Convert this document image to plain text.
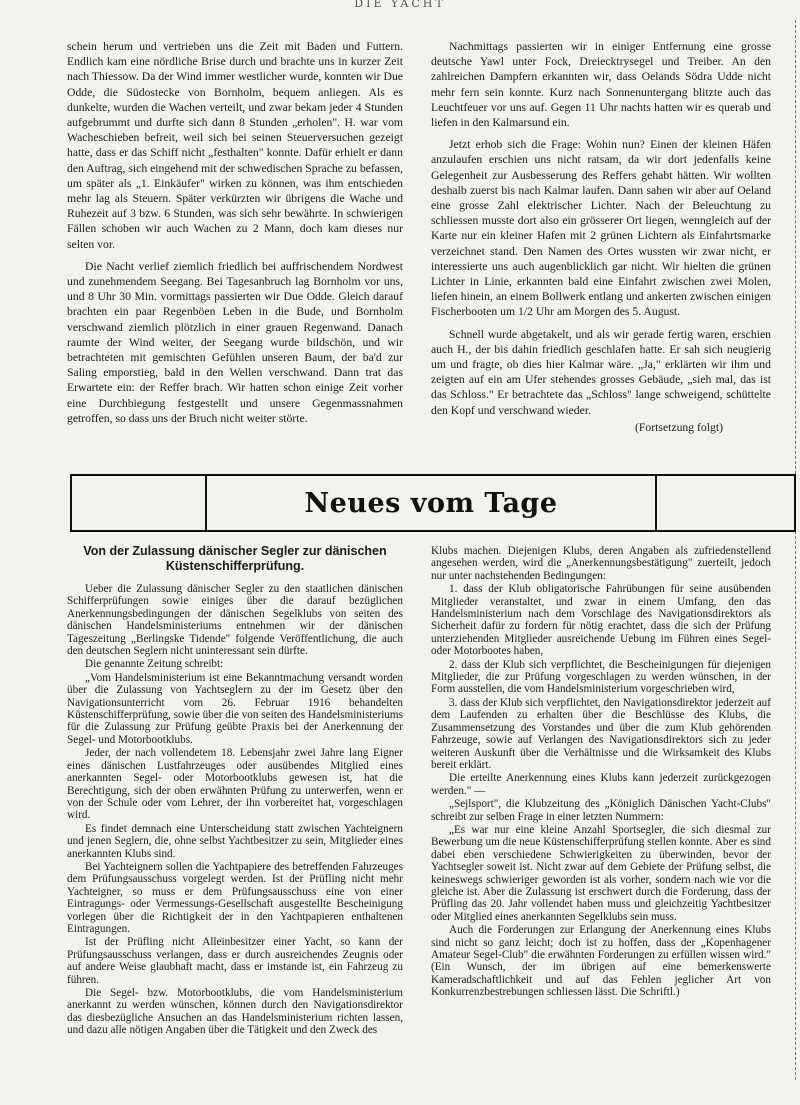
DIE YACHT

schein herum und vertrieben uns die Zeit mit Baden und Futtern. Endlich kam eine nördliche Brise durch und brachte uns in kurzer Zeit nach Thiessow. Da der Wind immer westlicher wurde, konnten wir Due Odde, die Südostecke von Bornholm, bequem anliegen. Als es dunkelte, wurden die Wachen verteilt, und zwar bekam jeder 4 Stunden aufgebrummt und durfte sich dann 8 Stunden „erholen". H. war vom Wacheschieben befreit, weil sich bei seinen Steuerversuchen gezeigt hatte, dass er das Schiff nicht „festhalten" konnte. Dafür erhielt er dann den Auftrag, sich eingehend mit der schwedischen Sprache zu befassen, um später als „1. Einkäufer" wirken zu können, was ihm entschieden mehr lag als Steuern. Später verkürzten wir übrigens die Wache und Ruhezeit auf 3 bzw. 6 Stunden, was sich sehr bewährte. In schwierigen Fällen schoben wir auch Wachen zu 2 Mann, doch kam dieses nur selten vor.

Die Nacht verlief ziemlich friedlich bei auffrischendem Nordwest und zunehmendem Seegang. Bei Tagesanbruch lag Bornholm vor uns, und 8 Uhr 30 Min. vormittags passierten wir Due Odde. Gleich darauf brachten ein paar Regenböen Leben in die Bude, und Bornholm verschwand ziemlich plötzlich in einer grauen Regenwand. Danach raumte der Wind weiter, der Seegang wurde bildschön, und wir betrachteten mit gemischten Gefühlen unseren Baum, der ba'd zur Saling emporstieg, bald in den Wellen verschwand. Dann trat das Erwartete ein: der Reffer brach. Wir hatten schon einige Zeit vorher eine Durchbiegung festgestellt und unsere Gegenmassnahmen getroffen, so dass uns der Bruch nicht weiter störte.

Nachmittags passierten wir in einiger Entfernung eine grosse deutsche Yawl unter Fock, Dreiecktrysegel und Treiber. An den zahlreichen Dampfern erkannten wir, dass Oelands Södra Udde nicht mehr fern sein konnte. Kurz nach Sonnenuntergang blitzte auch das Leuchtfeuer vor uns auf. Gegen 11 Uhr nachts hatten wir es querab und liefen in den Kalmarsund ein.

Jetzt erhob sich die Frage: Wohin nun? Einen der kleinen Häfen anzulaufen erschien uns nicht ratsam, da wir dort jedenfalls keine Gelegenheit zur Ausbesserung des Reffers gehabt hätten. Wir wollten deshalb zuerst bis nach Kalmar laufen. Dann sahen wir aber auf Oeland eine grosse Zahl elektrischer Lichter. Nach der Beleuchtung zu schliessen musste dort also ein grösserer Ort liegen, wenngleich auf der Karte nur ein kleiner Hafen mit 2 grünen Lichtern als Einfahrtsmarke verzeichnet stand. Den Namen des Ortes wussten wir zwar nicht, er interessierte uns auch augenblicklich gar nicht. Wir hielten die grünen Lichter in Linie, erkannten bald eine Einfahrt zwischen zwei Molen, liefen hinein, an einem Bollwerk entlang und ankerten zwischen einigen Fischerbooten um 1/2 Uhr am Morgen des 5. August.

Schnell wurde abgetakelt, und als wir gerade fertig waren, erschien auch H., der bis dahin friedlich geschlafen hatte. Er sah sich neugierig um und fragte, ob dies hier Kalmar wäre. „Ja," erklärten wir ihm und zeigten auf ein am Ufer stehendes grosses Gebäude, „sieh mal, das ist das Schloss." Er betrachtete das „Schloss" lange schweigend, schüttelte den Kopf und verschwand wieder.

(Fortsetzung folgt)
Neues vom Tage
Von der Zulassung dänischer Segler zur dänischen
Küstenschifferprüfung.

Ueber die Zulassung dänischer Segler zu den staatlichen dänischen Schifferprüfungen sowie einiges über die darauf bezüglichen Anerkennungsbedingungen der dänischen Segelklubs von seiten des dänischen Handelsministeriums entnehmen wir der dänischen Tageszeitung „Berlingske Tidende" folgende Veröffentlichung, die auch den deutschen Seglern nicht uninteressant sein dürfte.

Die genannte Zeitung schreibt:

„Vom Handelsministerium ist eine Bekanntmachung versandt worden über die Zulassung von Yachtseglern zu der im Gesetz über den Navigationsunterricht vom 26. Februar 1916 behandelten Küstenschifferprüfung, sowie über die von seiten des Handelsministeriums für die Zulassung zur Prüfung geübte Praxis bei der Anerkennung der Segel- und Motorbootklubs.

Jeder, der nach vollendetem 18. Lebensjahr zwei Jahre lang Eigner eines dänischen Lustfahrzeuges oder ausübendes Mitglied eines anerkannten Segel- oder Motorbootklubs gewesen ist, hat die Berechtigung, sich der oben erwähnten Prüfung zu unterwerfen, wenn er von der Schule oder vom Lehrer, der ihn vorbereitet hat, vorgeschlagen wird.

Es findet demnach eine Unterscheidung statt zwischen Yachteignern und jenen Seglern, die, ohne selbst Yachtbesitzer zu sein, Mitglieder eines anerkannten Klubs sind.

Bei Yachteignern sollen die Yachtpapiere des betreffenden Fahrzeuges dem Prüfungsausschuss vorgelegt werden. Ist der Prüfling nicht mehr Yachteigner, so muss er dem Prüfungsausschuss eine von einer Eintragungs- oder Vermessungs-Gesellschaft ausgestellte Bescheinigung vorlegen über die Richtigkeit der in den Yachtpapieren enthaltenen Eintragungen.

Ist der Prüfling nicht Alleinbesitzer einer Yacht, so kann der Prüfungsausschuss verlangen, dass er durch ausreichendes Zeugnis oder auf andere Weise glaubhaft macht, dass er imstande ist, ein Fahrzeug zu führen.

Die Segel- bzw. Motorbootklubs, die vom Handelsministerium anerkannt zu werden wünschen, können durch den Navigationsdirektor das diesbezügliche Ansuchen an das Handelsministerium richten lassen, und dazu alle nötigen Angaben über die Tätigkeit und den Zweck des

Klubs machen. Diejenigen Klubs, deren Angaben als zufriedenstellend angesehen werden, wird die „Anerkennungsbestätigung" zuerteilt, jedoch nur unter nachstehenden Bedingungen:

1. dass der Klub obligatorische Fahrübungen für seine ausübenden Mitglieder veranstaltet, und zwar in einem Umfang, den das Handelsministerium nach dem Vorschlage des Navigationsdirektors als Sicherheit dafür zu fordern für nötig erachtet, dass die sich der Prüfung unterziehenden Mitglieder ausreichende Uebung im Führen eines Segel- oder Motorbootes haben,

2. dass der Klub sich verpflichtet, die Bescheinigungen für diejenigen Mitglieder, die zur Prüfung vorgeschlagen zu werden wünschen, in der Form ausstellen, die vom Handelsministerium vorgeschrieben wird,

3. dass der Klub sich verpflichtet, den Navigationsdirektor jederzeit auf dem Laufenden zu erhalten über die Beschlüsse des Klubs, die Zusammensetzung des Vorstandes und über die zum Klub gehörenden Fahrzeuge, sowie auf Verlangen des Navigationsdirektors sich zu jeder weiteren Auskunft über die Verhältnisse und die Wirksamkeit des Klubs bereit erklärt.

Die erteilte Anerkennung eines Klubs kann jederzeit zurückgezogen werden." —

„Sejlsport", die Klubzeitung des „Königlich Dänischen Yacht-Clubs" schreibt zur selben Frage in einer letzten Nummern:

„Es war nur eine kleine Anzahl Sportsegler, die sich diesmal zur Bewerbung um die neue Küstenschifferprüfung stellen konnte. Aber es sind dabei eben verschiedene Schwierigkeiten zu überwinden, bevor der Yachtsegler soweit ist. Nicht zwar auf dem Gebiete der Prüfung selbst, die keineswegs schwieriger geworden ist als vorher, sondern nach wie vor die gleiche ist. Aber die Zulassung ist erschwert durch die Forderung, dass der Prüfling das 20. Jahr vollendet haben muss und gleichzeitig Yachtbesitzer oder Mitglied eines anerkannten Segelklubs sein muss.

Auch die Forderungen zur Erlangung der Anerkennung eines Klubs sind nicht so ganz leicht; doch ist zu hoffen, dass der „Kopenhagener Amateur Segel-Club" die erwähnten Forderungen zu erfüllen wissen wird." (Ein Wunsch, der im übrigen auf eine bemerkenswerte Kameradschaftlichkeit und auf das Fehlen jeglicher Art von Konkurrenzbestrebungen schliessen lässt. Die Schriftl.)
